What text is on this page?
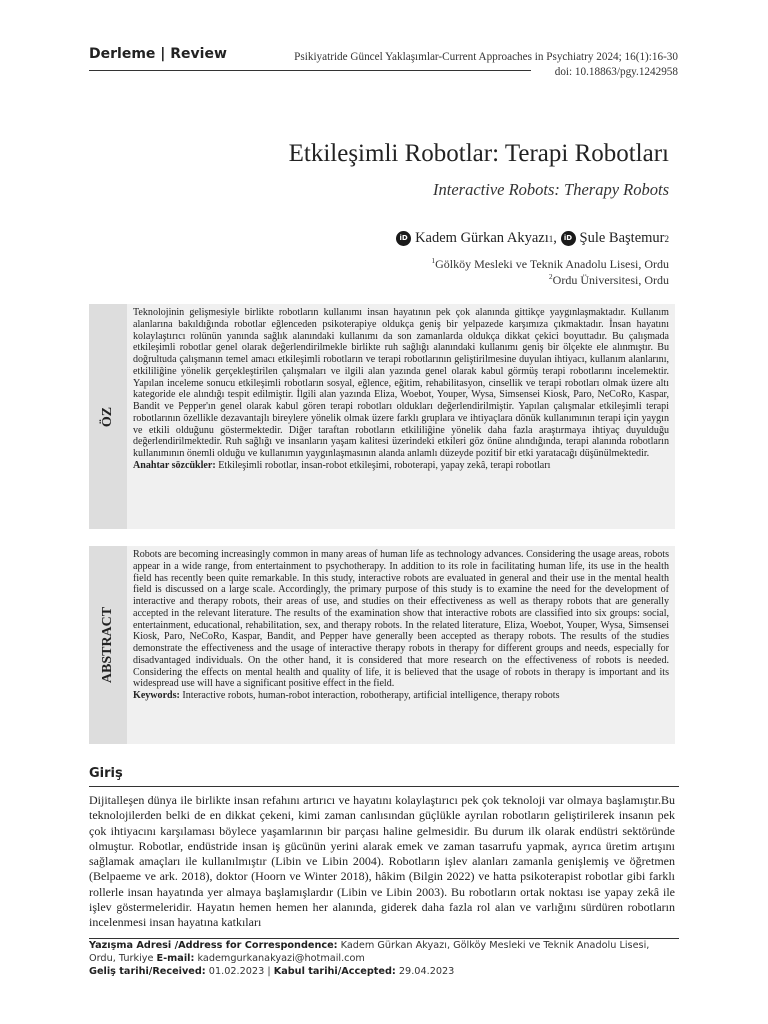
Derleme | Review	Psikiyatride Güncel Yaklaşımlar-Current Approaches in Psychiatry 2024; 16(1):16-30
doi: 10.18863/pgy.1242958
Etkileşimli Robotlar: Terapi Robotları
Interactive Robots: Therapy Robots
iD Kadem Gürkan Akyazı 1 , iD Şule Baştemur 2
$^1$Gölköy Mesleki ve Teknik Anadolu Lisesi, Ordu
$^2$Ordu Üniversitesi, Ordu
ÖZ
Teknolojinin gelişmesiyle birlikte robotların kullanımı insan hayatının pek çok alanında gittikçe yaygınlaşmaktadır. Kullanım alanlarına bakıldığında robotlar eğlenceden psikoterapiye oldukça geniş bir yelpazede karşımıza çıkmaktadır. İnsan hayatını kolaylaştırıcı rolünün yanında sağlık alanındaki kullanımı da son zamanlarda oldukça dikkat çekici boyuttadır. Bu çalışmada etkileşimli robotlar genel olarak değerlendirilmekle birlikte ruh sağlığı alanındaki kullanımı geniş bir ölçekte ele alınmıştır. Bu doğrultuda çalışmanın temel amacı etkileşimli robotların ve terapi robotlarının geliştirilmesine duyulan ihtiyacı, kullanım alanlarını, etkililiğine yönelik gerçekleştirilen çalışmaları ve ilgili alan yazında genel olarak kabul görmüş terapi robotlarını incelemektir. Yapılan inceleme sonucu etkileşimli robotların sosyal, eğlence, eğitim, rehabilitasyon, cinsellik ve terapi robotları olmak üzere altı kategoride ele alındığı tespit edilmiştir. İlgili alan yazında Eliza, Woebot, Youper, Wysa, Simsensei Kiosk, Paro, NeCoRo, Kaspar, Bandit ve Pepper'ın genel olarak kabul gören terapi robotları oldukları değerlendirilmiştir. Yapılan çalışmalar etkileşimli terapi robotlarının özellikle dezavantajlı bireylere yönelik olmak üzere farklı gruplara ve ihtiyaçlara dönük kullanımının terapi için yaygın ve etkili olduğunu göstermektedir. Diğer taraftan robotların etkililiğine yönelik daha fazla araştırmaya ihtiyaç duyulduğu değerlendirilmektedir. Ruh sağlığı ve insanların yaşam kalitesi üzerindeki etkileri göz önüne alındığında, terapi alanında robotların kullanımının önemli olduğu ve kullanımın yaygınlaşmasının alanda anlamlı düzeyde pozitif bir etki yaratacağı düşünülmektedir.
Anahtar sözcükler: Etkileşimli robotlar, insan-robot etkileşimi, roboterapi, yapay zekâ, terapi robotları
ABSTRACT
Robots are becoming increasingly common in many areas of human life as technology advances. Considering the usage areas, robots appear in a wide range, from entertainment to psychotherapy. In addition to its role in facilitating human life, its use in the health field has recently been quite remarkable. In this study, interactive robots are evaluated in general and their use in the mental health field is discussed on a large scale. Accordingly, the primary purpose of this study is to examine the need for the development of interactive and therapy robots, their areas of use, and studies on their effectiveness as well as therapy robots that are generally accepted in the relevant literature. The results of the examination show that interactive robots are classified into six groups: social, entertainment, educational, rehabilitation, sex, and therapy robots. In the related literature, Eliza, Woebot, Youper, Wysa, Simsensei Kiosk, Paro, NeCoRo, Kaspar, Bandit, and Pepper have generally been accepted as therapy robots. The results of the studies demonstrate the effectiveness and the usage of interactive therapy robots in therapy for different groups and needs, especially for disadvantaged individuals. On the other hand, it is considered that more research on the effectiveness of robots is needed. Considering the effects on mental health and quality of life, it is believed that the usage of robots in therapy is important and its widespread use will have a significant positive effect in the field.
Keywords: Interactive robots, human-robot interaction, robotherapy, artificial intelligence, therapy robots
Giriş
Dijitalleşen dünya ile birlikte insan refahını artırıcı ve hayatını kolaylaştırıcı pek çok teknoloji var olmaya başlamıştır.Bu teknolojilerden belki de en dikkat çekeni, kimi zaman canlısından güçlükle ayrılan robotların geliştirilerek insanın pek çok ihtiyacını karşılaması böylece yaşamlarının bir parçası haline gelmesidir. Bu durum ilk olarak endüstri sektöründe olmuştur. Robotlar, endüstride insan iş gücünün yerini alarak emek ve zaman tasarrufu yapmak, ayrıca üretim artışını sağlamak amaçları ile kullanılmıştır (Libin ve Libin 2004). Robotların işlev alanları zamanla genişlemiş ve öğretmen (Belpaeme ve ark. 2018), doktor (Hoorn ve Winter 2018), hâkim (Bilgin 2022) ve hatta psikoterapist robotlar gibi farklı rollerle insan hayatında yer almaya başlamışlardır (Libin ve Libin 2003). Bu robotların ortak noktası ise yapay zekâ ile işlev göstermeleridir. Hayatın hemen hemen her alanında, giderek daha fazla rol alan ve varlığını sürdüren robotların incelenmesi insan hayatına katkıları
Yazışma Adresi /Address for Correspondence: Kadem Gürkan Akyazı, Gölköy Mesleki ve Teknik Anadolu Lisesi, Ordu, Turkiye E-mail: kademgurkanakyazi@hotmail.com
Geliş tarihi/Received: 01.02.2023 | Kabul tarihi/Accepted: 29.04.2023
